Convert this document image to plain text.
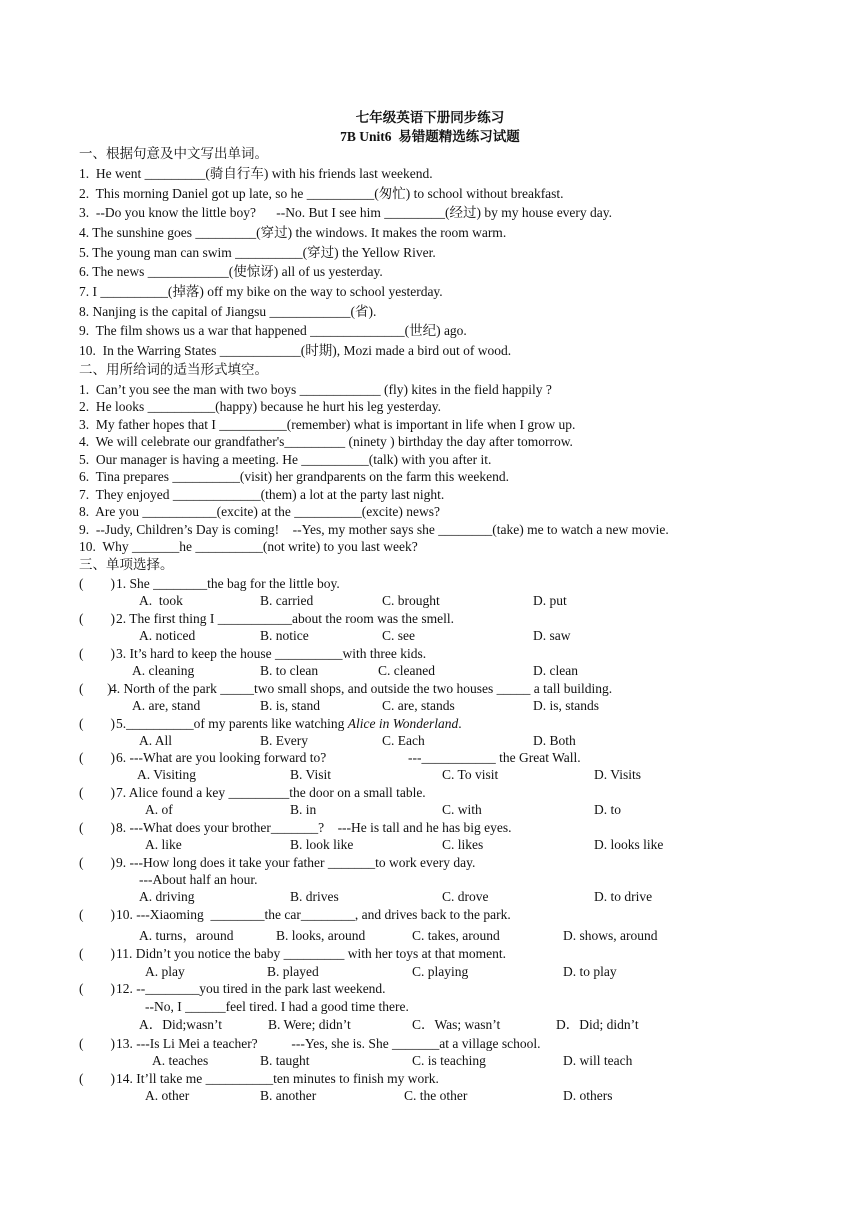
七年级英语下册同步练习
7B Unit6  易错题精选练习试题
一、根据句意及中文写出单词。
1.  He went _________(骑自行车) with his friends last weekend.
2.  This morning Daniel got up late, so he __________(匆忙) to school without breakfast.
3.  --Do you know the little boy?      --No. But I see him _________(经过) by my house every day.
4. The sunshine goes _________(穿过) the windows. It makes the room warm.
5. The young man can swim __________(穿过) the Yellow River.
6. The news ____________(使惊讶) all of us yesterday.
7. I __________(掉落) off my bike on the way to school yesterday.
8. Nanjing is the capital of Jiangsu ____________(省).
9.  The film shows us a war that happened ______________(世纪) ago.
10.  In the Warring States ____________(时期), Mozi made a bird out of wood.
二、用所给词的适当形式填空。
1.  Can’t you see the man with two boys ____________ (fly) kites in the field happily ?
2.  He looks __________(happy) because he hurt his leg yesterday.
3.  My father hopes that I __________(remember) what is important in life when I grow up.
4.  We will celebrate our grandfather's_________ (ninety ) birthday the day after tomorrow.
5.  Our manager is having a meeting. He __________(talk) with you after it.
6.  Tina prepares __________(visit) her grandparents on the farm this weekend.
7.  They enjoyed _____________(them) a lot at the party last night.
8.  Are you ___________(excite) at the __________(excite) news?
9.  --Judy, Children’s Day is coming!    --Yes, my mother says she ________(take) me to watch a new movie.
10.  Why _______he __________(not write) to you last week?
三、单项选择。
(        ) 1. She ________the bag for the little boy.
A.  took	B. carried	C. brought	D. put
(        ) 2. The first thing I ___________about the room was the smell.
A. noticed	B. notice	C. see	D. saw
(        ) 3. It’s hard to keep the house __________with three kids.
A. cleaning	B. to clean	C. cleaned	D. clean
(       )
4. North of the park _____two small shops, and outside the two houses _____ a tall building.
A. are, stand	B. is, stand	C. are, stands	D. is, stands
(        ) 5.__________of my parents like watching Alice in Wonderland.
A. All	B. Every	C. Each	D. Both
(        ) 6. ---What are you looking forward to?	---___________ the Great Wall.
A. Visiting	B. Visit	C. To visit	D. Visits
(        ) 7. Alice found a key _________the door on a small table.
A. of	B. in	C. with	D. to
(        ) 8. ---What does your brother_______?    ---He is tall and he has big eyes.
A. like	B. look like	C. likes	D. looks like
(        ) 9. ---How long does it take your father _______to work every day.
---About half an hour.
A. driving	B. drives	C. drove	D. to drive
(        ) 10. ---Xiaoming  ________the car________, and drives back to the park.
A. turns，around	B. looks, around	C. takes, around	D. shows, around
(        ) 11. Didn’t you notice the baby _________ with her toys at that moment.
A. play	B. played	C. playing	D. to play
(        ) 12. --________you tired in the park last weekend.
--No, I ______feel tired. I had a good time there.
A．Did;wasn’t	B. Were; didn’t	C．Was; wasn’t	D．Did; didn’t
(        ) 13. ---Is Li Mei a teacher?          ---Yes, she is. She _______at a village school.
A. teaches	B. taught	C. is teaching	D. will teach
(        ) 14. It’ll take me __________ten minutes to finish my work.
A. other	B. another	C. the other	D. others
